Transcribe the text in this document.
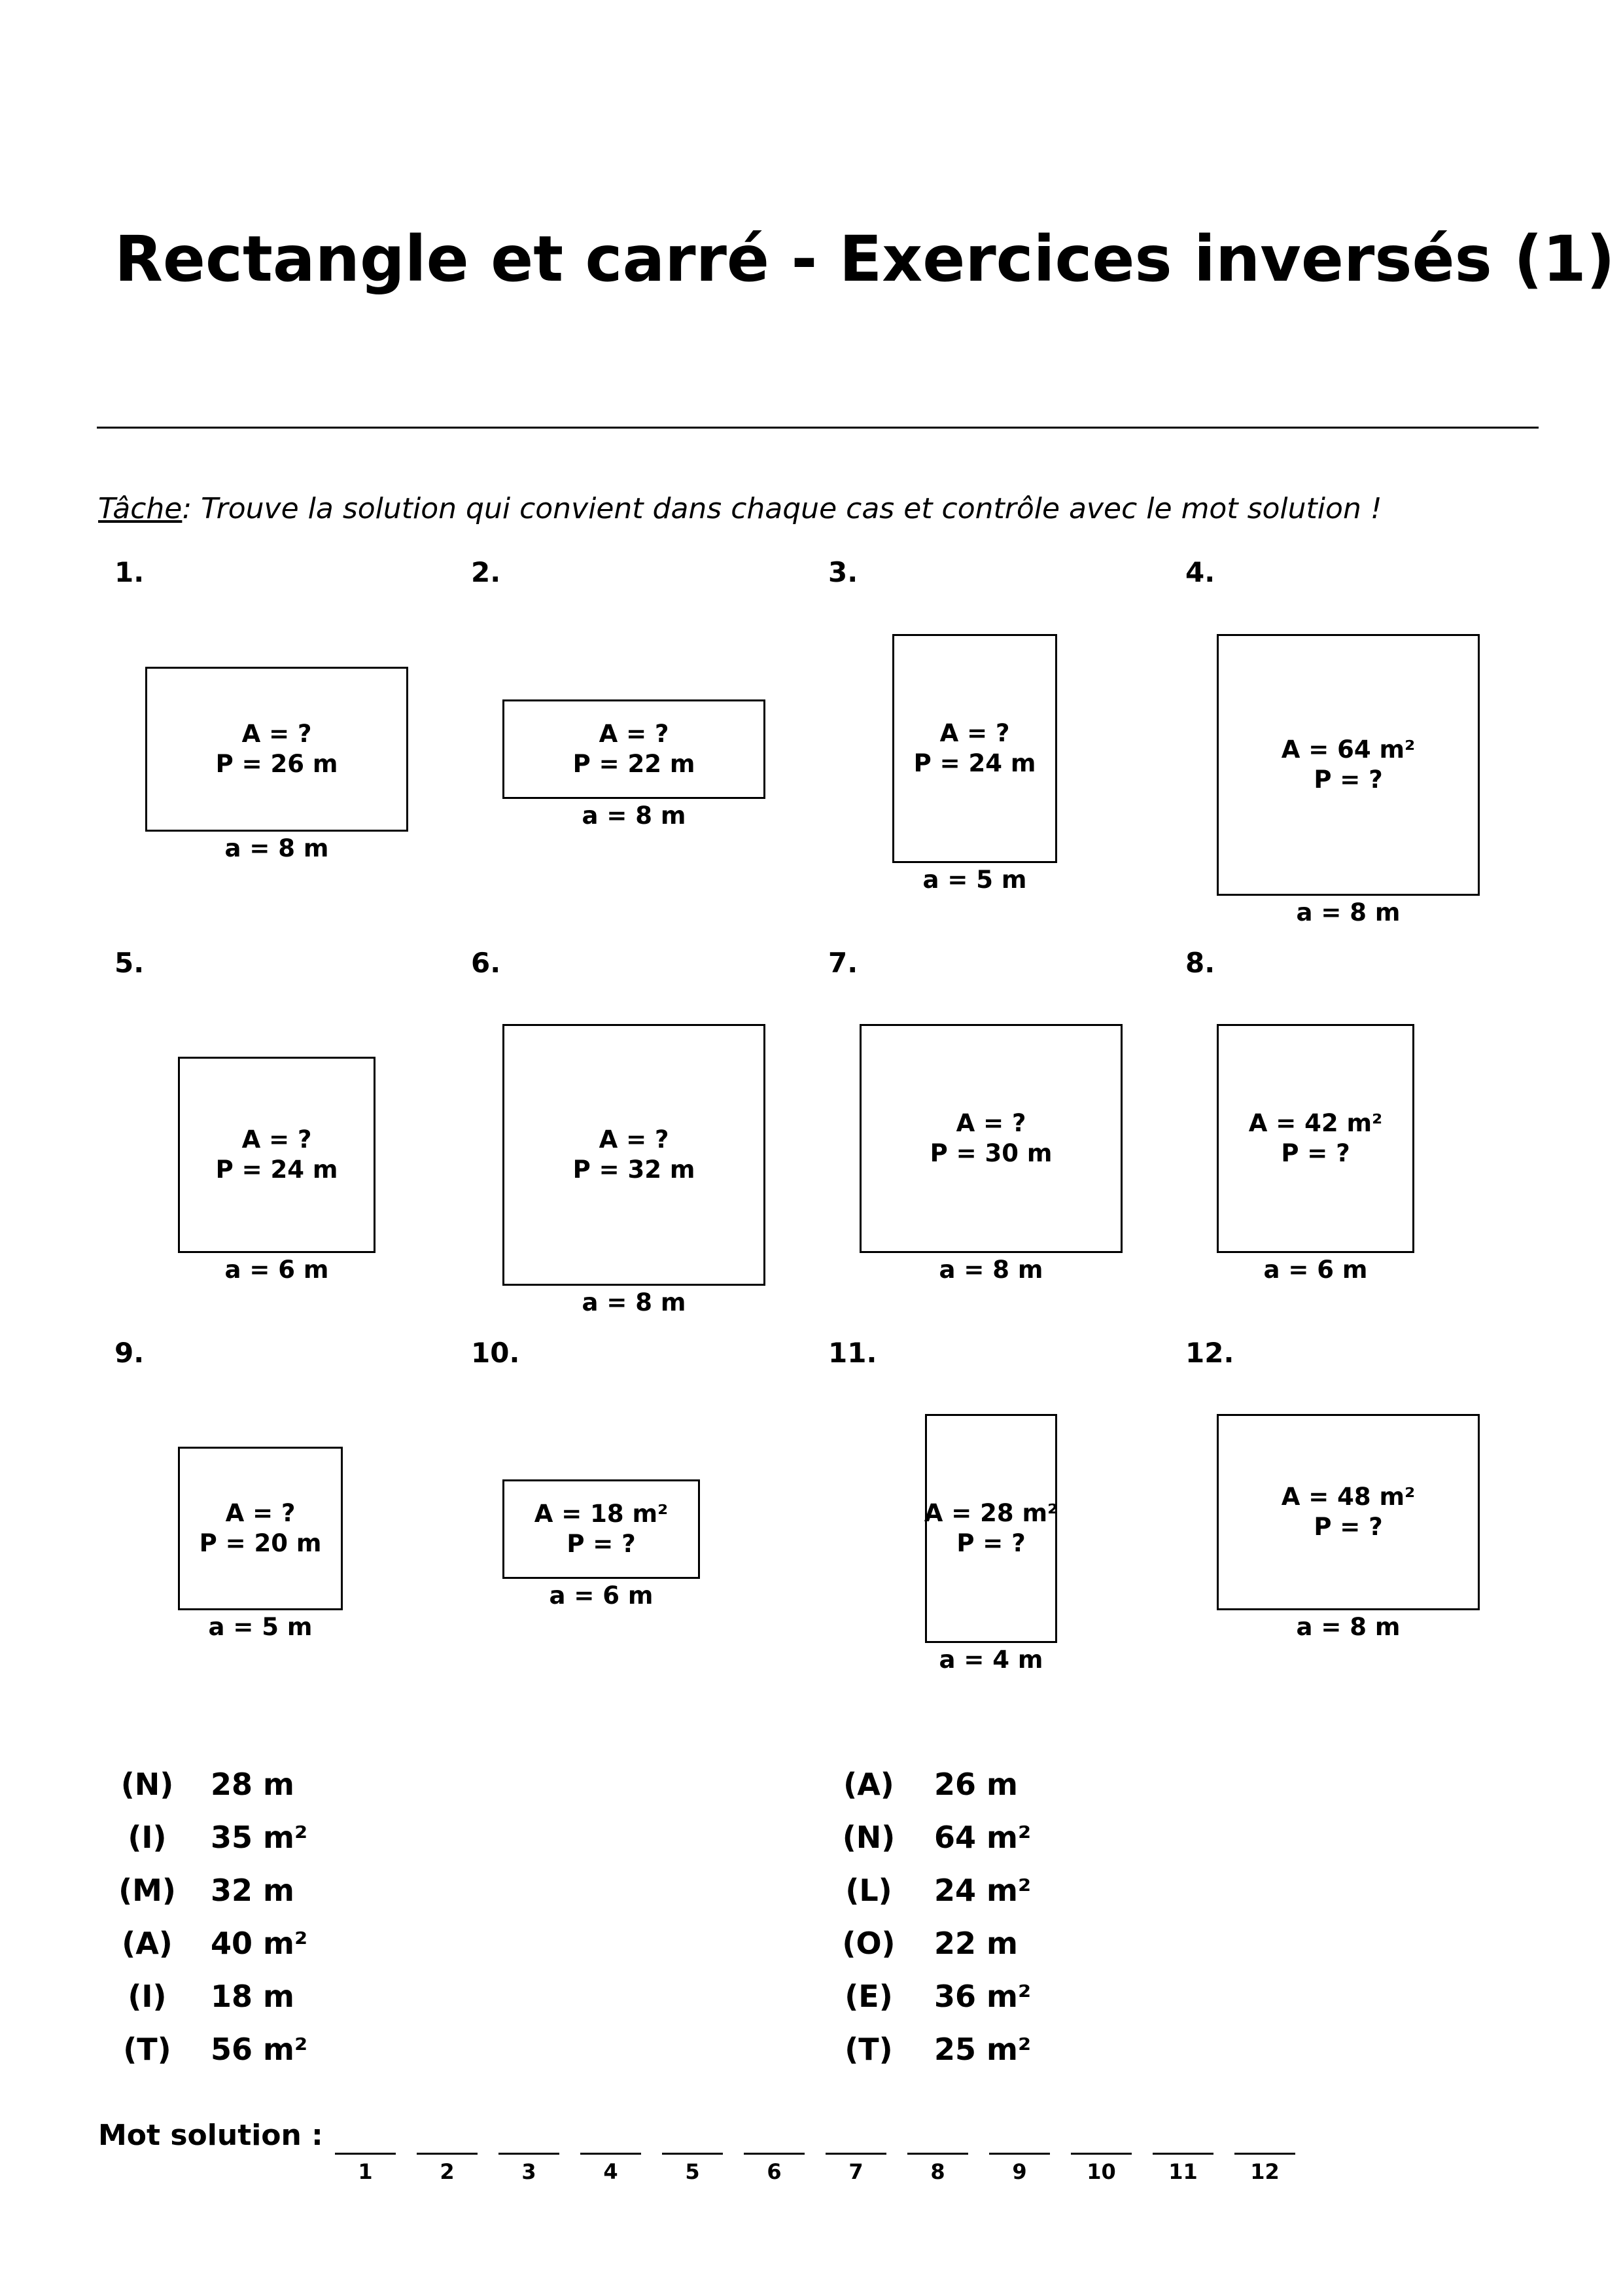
Rectangle et carré - Exercices inversés (1)
Tâche: Trouve la solution qui convient dans chaque cas et contrôle avec le mot solution !
1.
A = ?
P = 26 m
a = 8 m
2.
A = ?
P = 22 m
a = 8 m
3.
A = ?
P = 24 m
a = 5 m
4.
A = 64 m²
P = ?
a = 8 m
5.
A = ?
P = 24 m
a = 6 m
6.
A = ?
P = 32 m
a = 8 m
7.
A = ?
P = 30 m
a = 8 m
8.
A = 42 m²
P = ?
a = 6 m
9.
A = ?
P = 20 m
a = 5 m
10.
A = 18 m²
P = ?
a = 6 m
11.
A = 28 m²
P = ?
a = 4 m
12.
A = 48 m²
P = ?
a = 8 m
(N)	28 m
(I)	35 m²
(M)	32 m
(A)	40 m²
(I)	18 m
(T)	56 m²
(A)	26 m
(N)	64 m²
(L)	24 m²
(O)	22 m
(E)	36 m²
(T)	25 m²
Mot solution :
1	2	3	4	5	6	7	8	9	10	11	12
